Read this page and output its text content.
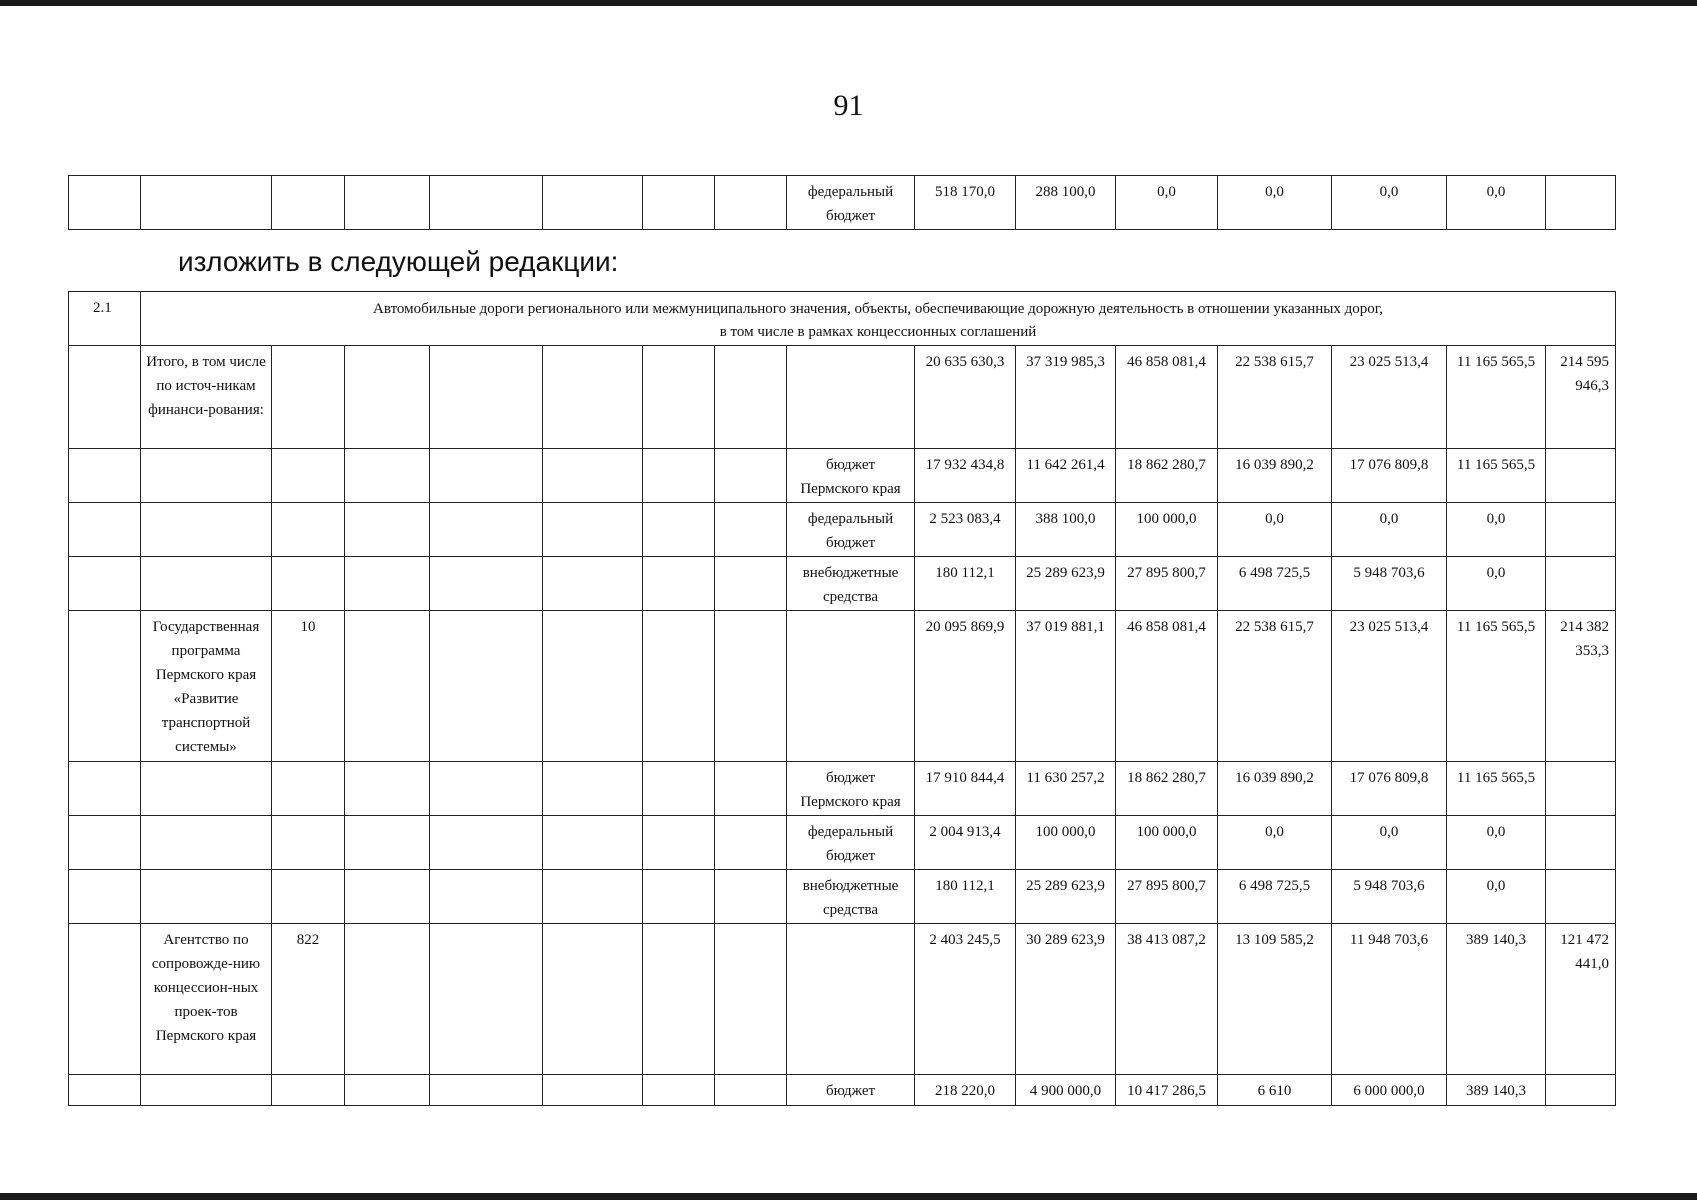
91
								федеральный бюджет	518 170,0	288 100,0	0,0	0,0	0,0	0,0	
изложить в следующей редакции:
2.1	Автомобильные дороги регионального или межмуниципального значения, объекты, обеспечивающие дорожную деятельность в отношении указанных дорог,
в том числе в рамках концессионных соглашений														

	Итого, в том числе по источ-никам финанси-рования:								20 635 630,3	37 319 985,3	46 858 081,4	22 538 615,7	23 025 513,4	11 165 565,5	214 595 946,3
								бюджет Пермского края	17 932 434,8	11 642 261,4	18 862 280,7	16 039 890,2	17 076 809,8	11 165 565,5	
								федеральный бюджет	2 523 083,4	388 100,0	100 000,0	0,0	0,0	0,0	
								внебюджетные средства	180 112,1	25 289 623,9	27 895 800,7	6 498 725,5	5 948 703,6	0,0	
	Государственная программа Пермского края «Развитие транспортной системы»	10							20 095 869,9	37 019 881,1	46 858 081,4	22 538 615,7	23 025 513,4	11 165 565,5	214 382 353,3
								бюджет Пермского края	17 910 844,4	11 630 257,2	18 862 280,7	16 039 890,2	17 076 809,8	11 165 565,5	
								федеральный бюджет	2 004 913,4	100 000,0	100 000,0	0,0	0,0	0,0	
								внебюджетные средства	180 112,1	25 289 623,9	27 895 800,7	6 498 725,5	5 948 703,6	0,0	
	Агентство по сопровожде-нию концессион-ных проек-тов Пермского края	822							2 403 245,5	30 289 623,9	38 413 087,2	13 109 585,2	11 948 703,6	389 140,3	121 472 441,0
								бюджет	218 220,0	4 900 000,0	10 417 286,5	6 610	6 000 000,0	389 140,3	
